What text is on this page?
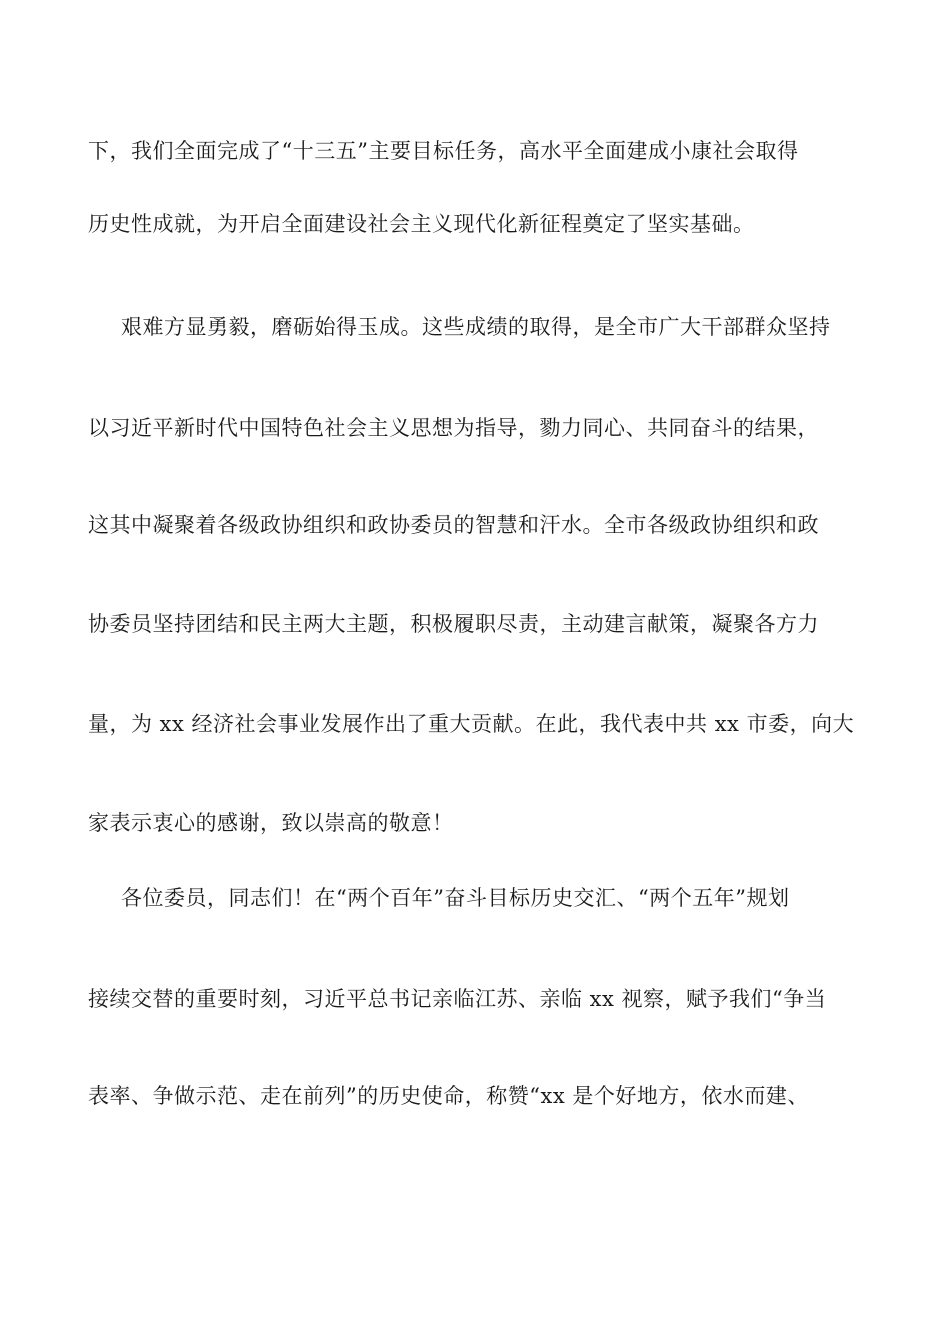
下，我们全面完成了“十三五”主要目标任务，高水平全面建成小康社会取得

历史性成就，为开启全面建设社会主义现代化新征程奠定了坚实基础。

艰难方显勇毅，磨砺始得玉成。这些成绩的取得，是全市广大干部群众坚持

以习近平新时代中国特色社会主义思想为指导，勠力同心、共同奋斗的结果，

这其中凝聚着各级政协组织和政协委员的智慧和汗水。全市各级政协组织和政

协委员坚持团结和民主两大主题，积极履职尽责，主动建言献策，凝聚各方力

量，为 xx 经济社会事业发展作出了重大贡献。在此，我代表中共 xx 市委，向大

家表示衷心的感谢，致以崇高的敬意！

各位委员，同志们！在“两个百年”奋斗目标历史交汇、“两个五年”规划

接续交替的重要时刻，习近平总书记亲临江苏、亲临 xx 视察，赋予我们“争当

表率、争做示范、走在前列”的历史使命，称赞“xx 是个好地方，依水而建、
